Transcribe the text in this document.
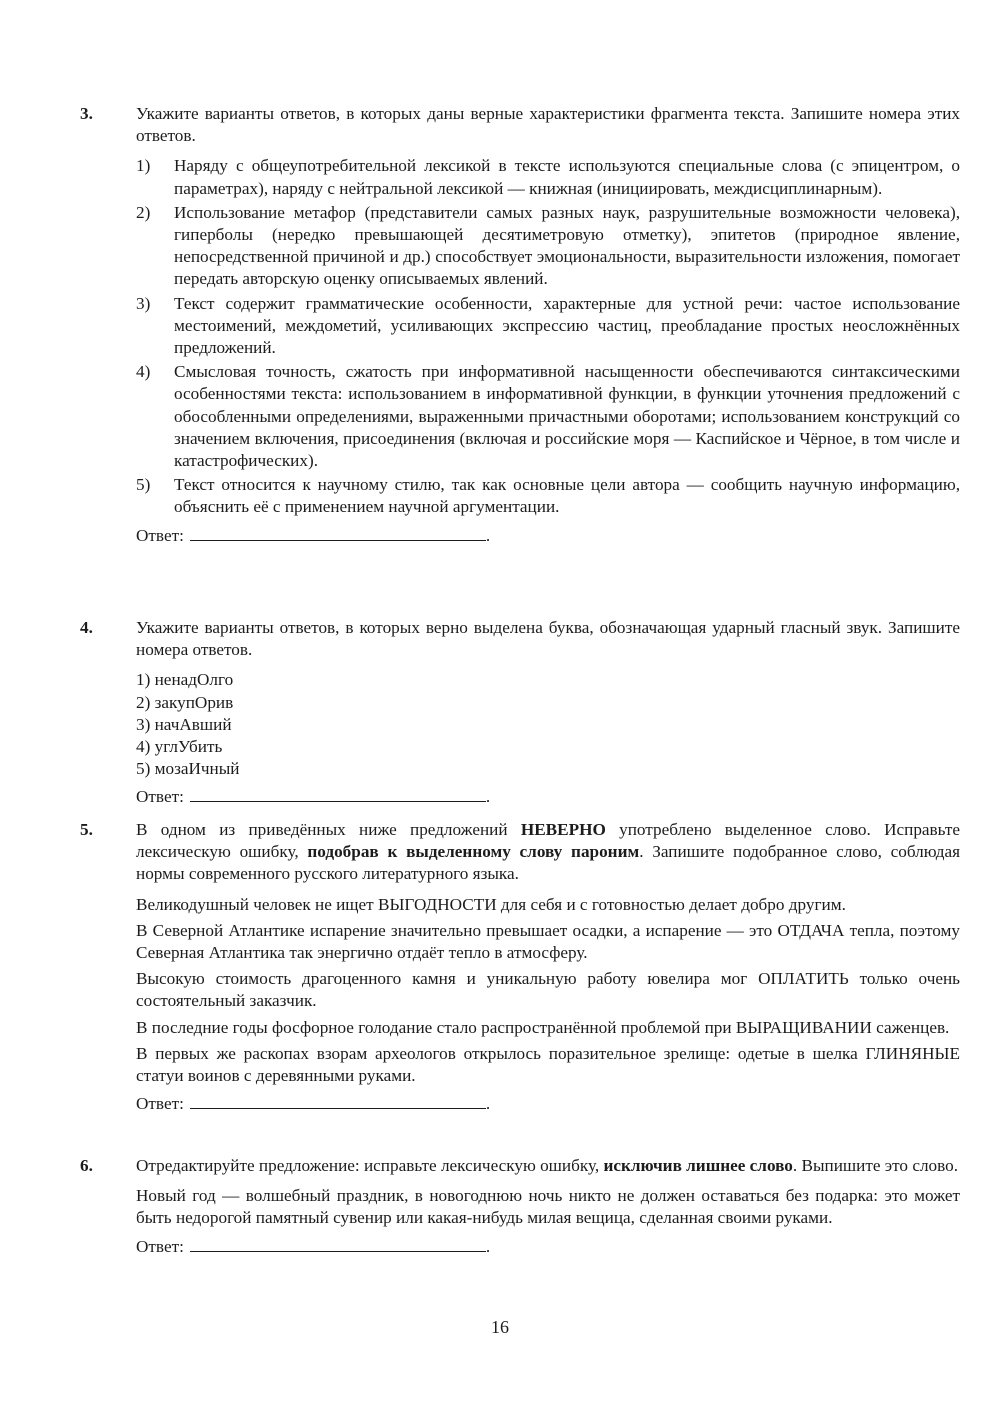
3.	Укажите варианты ответов, в которых даны верные характеристики фрагмента текста. Запишите номера этих ответов.

1) Наряду с общеупотребительной лексикой в тексте используются специальные слова (с эпицентром, о параметрах), наряду с нейтральной лексикой — книжная (инициировать, междисциплинарным).
2) Использование метафор (представители самых разных наук, разрушительные возможности человека), гиперболы (нередко превышающей десятиметровую отметку), эпитетов (природное явление, непосредственной причиной и др.) способствует эмоциональности, выразительности изложения, помогает передать авторскую оценку описываемых явлений.
3) Текст содержит грамматические особенности, характерные для устной речи: частое использование местоимений, междометий, усиливающих экспрессию частиц, преобладание простых неосложнённых предложений.
4) Смысловая точность, сжатость при информативной насыщенности обеспечиваются синтаксическими особенностями текста: использованием в информативной функции, в функции уточнения предложений с обособленными определениями, выраженными причастными оборотами; использованием конструкций со значением включения, присоединения (включая и российские моря — Каспийское и Чёрное, в том числе и катастрофических).
5) Текст относится к научному стилю, так как основные цели автора — сообщить научную информацию, объяснить её с применением научной аргументации.
Ответ:	.
4.	Укажите варианты ответов, в которых верно выделена буква, обозначающая ударный гласный звук. Запишите номера ответов.

1) ненадОлго
2) закупОрив
3) начАвший
4) углУбить
5) мозаИчный
Ответ:	.
5.	В одном из приведённых ниже предложений НЕВЕРНО употреблено выделенное слово. Исправьте лексическую ошибку, подобрав к выделенному слову пароним. Запишите подобранное слово, соблюдая нормы современного русского литературного языка.

Великодушный человек не ищет ВЫГОДНОСТИ для себя и с готовностью делает добро другим.

В Северной Атлантике испарение значительно превышает осадки, а испарение — это ОТДАЧА тепла, поэтому Северная Атлантика так энергично отдаёт тепло в атмосферу.

Высокую стоимость драгоценного камня и уникальную работу ювелира мог ОПЛАТИТЬ только очень состоятельный заказчик.

В последние годы фосфорное голодание стало распространённой проблемой при ВЫРАЩИВАНИИ саженцев.

В первых же раскопах взорам археологов открылось поразительное зрелище: одетые в шелка ГЛИНЯНЫЕ статуи воинов с деревянными руками.

Ответ:	.
6.	Отредактируйте предложение: исправьте лексическую ошибку, исключив лишнее слово. Выпишите это слово.

Новый год — волшебный праздник, в новогоднюю ночь никто не должен оставаться без подарка: это может быть недорогой памятный сувенир или какая-нибудь милая вещица, сделанная своими руками.

Ответ:	.
16
